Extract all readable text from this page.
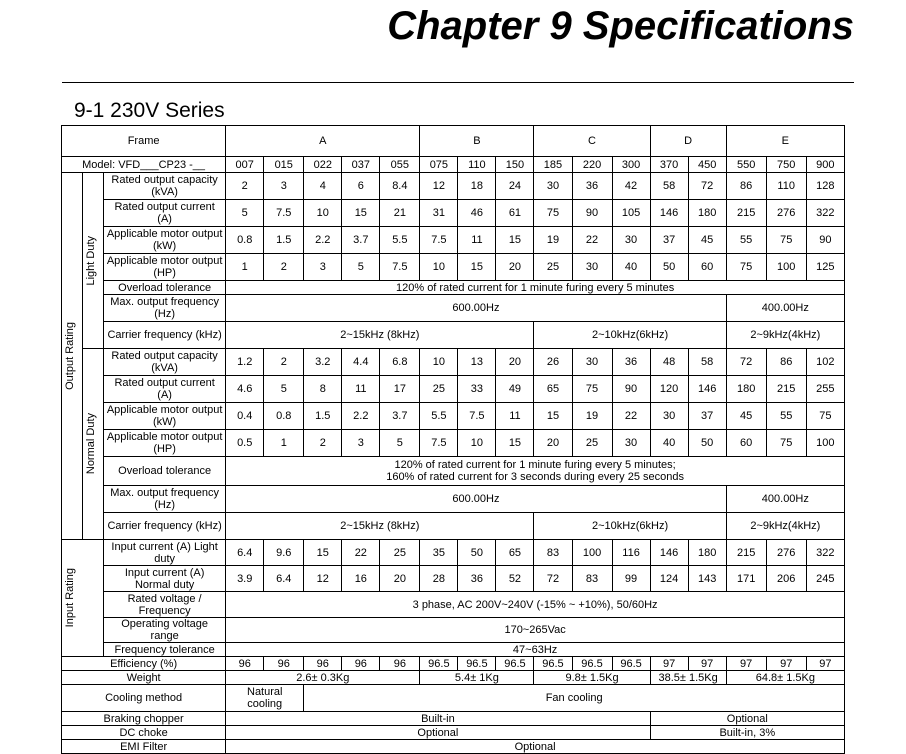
Chapter 9 Specifications
9-1 230V Series
Frame			A					B			C			D		E		
Model: VFD___CP23 -__			007	015	022	037	055	075	110	150	185	220	300	370	450	550	750	900

Output Rating	Light Duty	Rated output capacity (kVA)	2	3	4	6	8.4	12	18	24	30	36	42	58	72	86	110	128
		Rated output current (A)	5	7.5	10	15	21	31	46	61	75	90	105	146	180	215	276	322
		Applicable motor output (kW)	0.8	1.5	2.2	3.7	5.5	7.5	11	15	19	22	30	37	45	55	75	90
		Applicable motor output (HP)	1	2	3	5	7.5	10	15	20	25	30	40	50	60	75	100	125
		Overload tolerance	120% of rated current for 1 minute furing every 5 minutes															
		Max. output frequency (Hz)	600.00Hz													400.00Hz		
		Carrier frequency (kHz)	2~15kHz (8kHz)								2~10kHz(6kHz)					2~9kHz(4kHz)		

	Normal Duty	Rated output capacity (kVA)	1.2	2	3.2	4.4	6.8	10	13	20	26	30	36	48	58	72	86	102
		Rated output current (A)	4.6	5	8	11	17	25	33	49	65	75	90	120	146	180	215	255
		Applicable motor output (kW)	0.4	0.8	1.5	2.2	3.7	5.5	7.5	11	15	19	22	30	37	45	55	75
		Applicable motor output (HP)	0.5	1	2	3	5	7.5	10	15	20	25	30	40	50	60	75	100
		Overload tolerance	120% of rated current for 1 minute furing every 5 minutes;
160% of rated current for 3 seconds during every 25 seconds															

		Max. output frequency (Hz)	600.00Hz													400.00Hz		
		Carrier frequency (kHz)	2~15kHz (8kHz)								2~10kHz(6kHz)					2~9kHz(4kHz)		

Input Rating		Input current (A) Light duty	6.4	9.6	15	22	25	35	50	65	83	100	116	146	180	215	276	322
		Input current (A) Normal duty	3.9	6.4	12	16	20	28	36	52	72	83	99	124	143	171	206	245
		Rated voltage / Frequency	3 phase, AC 200V~240V (-15% ~ +10%), 50/60Hz															
		Operating voltage range	170~265Vac															
		Frequency tolerance	47~63Hz															
Efficiency (%)			96	96	96	96	96	96.5	96.5	96.5	96.5	96.5	96.5	97	97	97	97	97
Weight			2.6± 0.3Kg					5.4± 1Kg			9.8± 1.5Kg			38.5± 1.5Kg		64.8± 1.5Kg		
Cooling method			Natural cooling		Fan cooling													
Braking chopper			Built-in											Optional				
DC choke			Optional											Built-in, 3%				
EMI Filter			Optional															
